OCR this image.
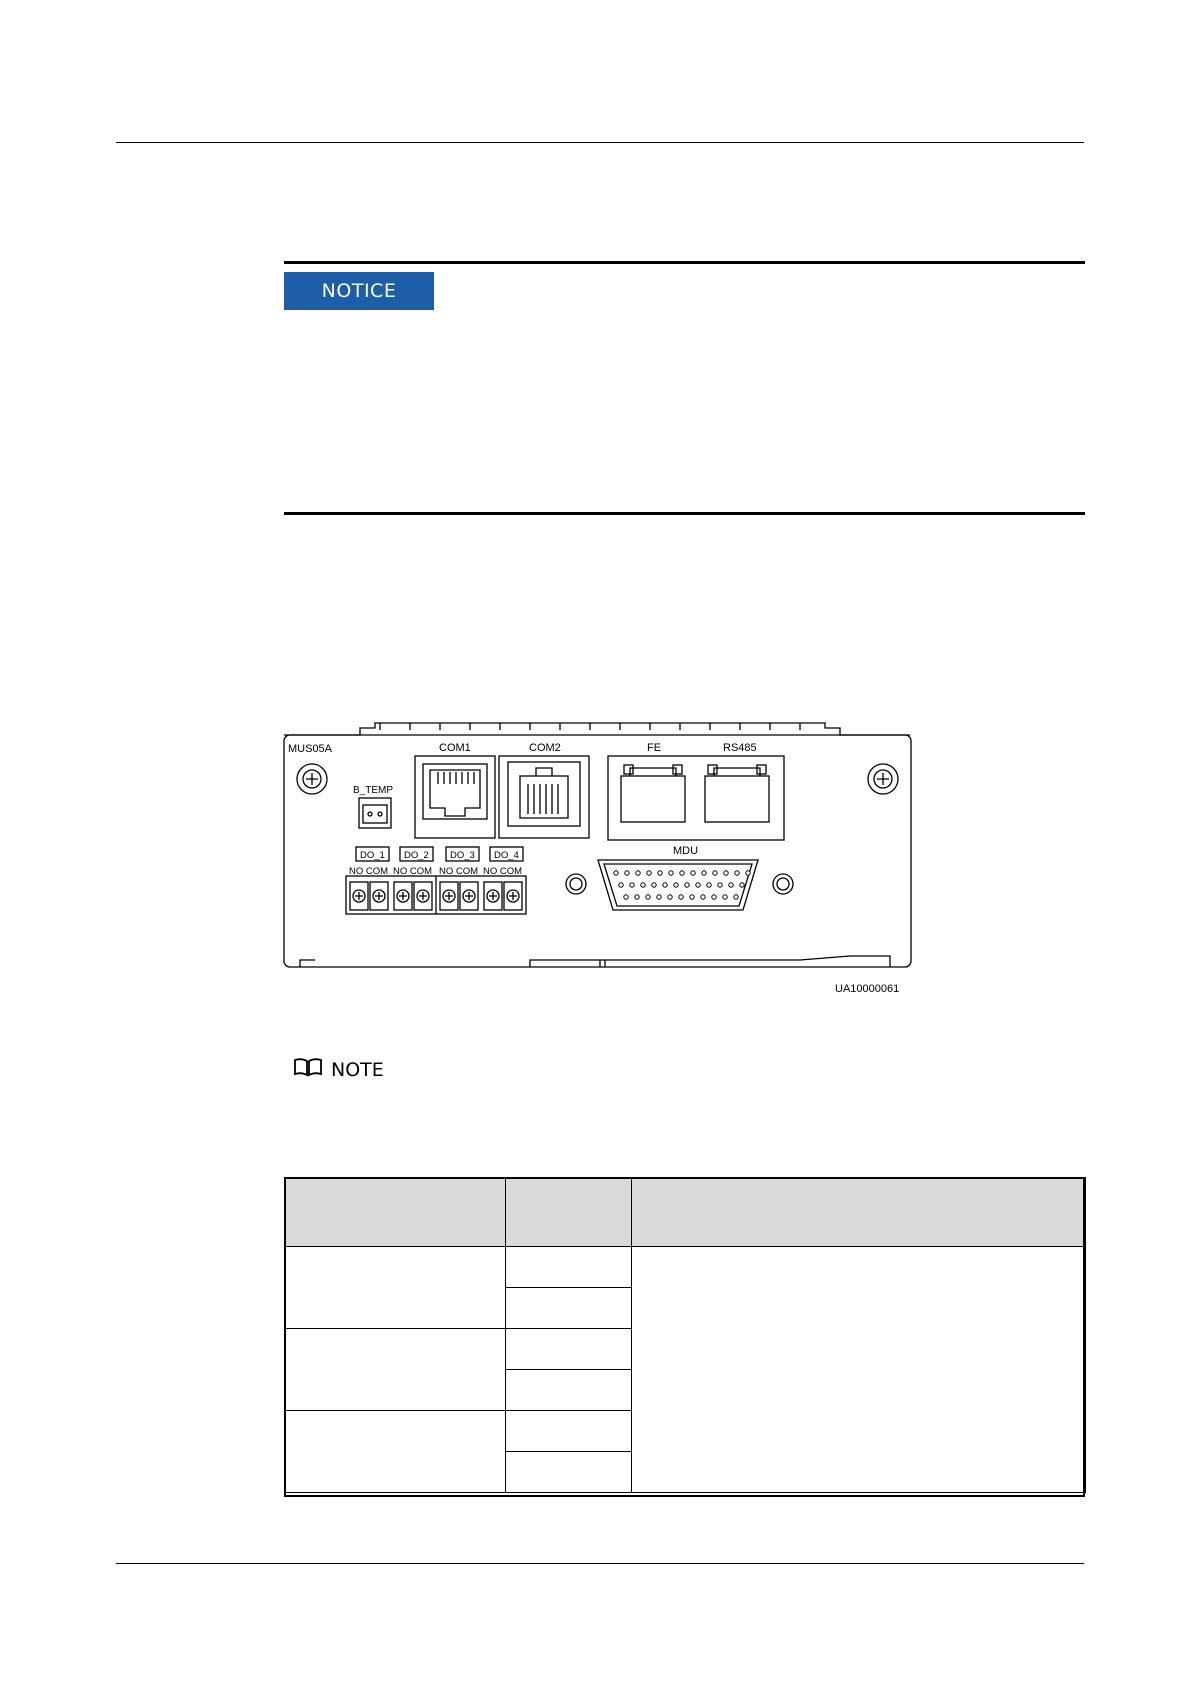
NOTICE
MUS05A	COM1	COM2	FE	RS485
B_TEMP
MDU
DO_1 DO_2 DO_3 DO_4
NO COM NO COM NO COM NO COM
UA10000061
NOTE
